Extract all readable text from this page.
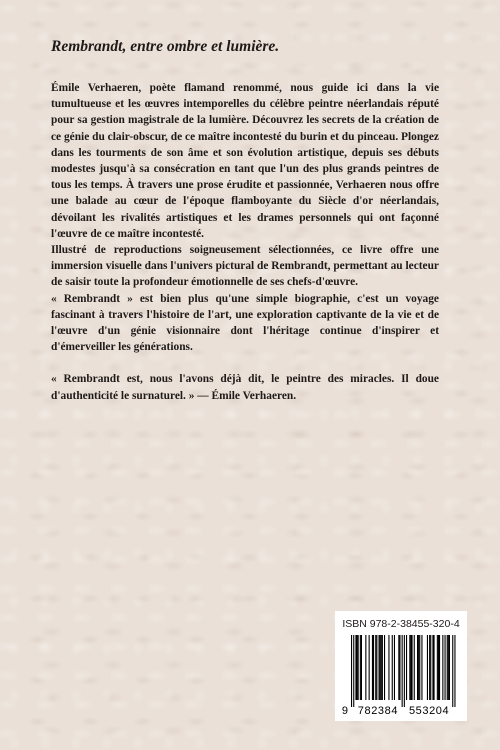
Rembrandt, entre ombre et lumière.

Émile Verhaeren, poète flamand renommé, nous guide ici dans la vie tumultueuse et les œuvres intemporelles du célèbre peintre néerlandais réputé pour sa gestion magistrale de la lumière. Découvrez les secrets de la création de ce génie du clair-obscur, de ce maître incontesté du burin et du pinceau. Plongez dans les tourments de son âme et son évolution artistique, depuis ses débuts modestes jusqu'à sa consécration en tant que l'un des plus grands peintres de tous les temps. À travers une prose érudite et passionnée, Verhaeren nous offre une balade au cœur de l'époque flamboyante du Siècle d'or néerlandais, dévoilant les rivalités artistiques et les drames personnels qui ont façonné l'œuvre de ce maître incontesté.

Illustré de reproductions soigneusement sélectionnées, ce livre offre une immersion visuelle dans l'univers pictural de Rembrandt, permettant au lecteur de saisir toute la profondeur émotionnelle de ses chefs-d'œuvre.

« Rembrandt » est bien plus qu'une simple biographie, c'est un voyage fascinant à travers l'histoire de l'art, une exploration captivante de la vie et de l'œuvre d'un génie visionnaire dont l'héritage continue d'inspirer et d'émerveiller les générations.

« Rembrandt est, nous l'avons déjà dit, le peintre des miracles. Il doue d'authenticité le surnaturel. » — Émile Verhaeren.

ISBN 978-2-38455-320-4
9 782384 553204
